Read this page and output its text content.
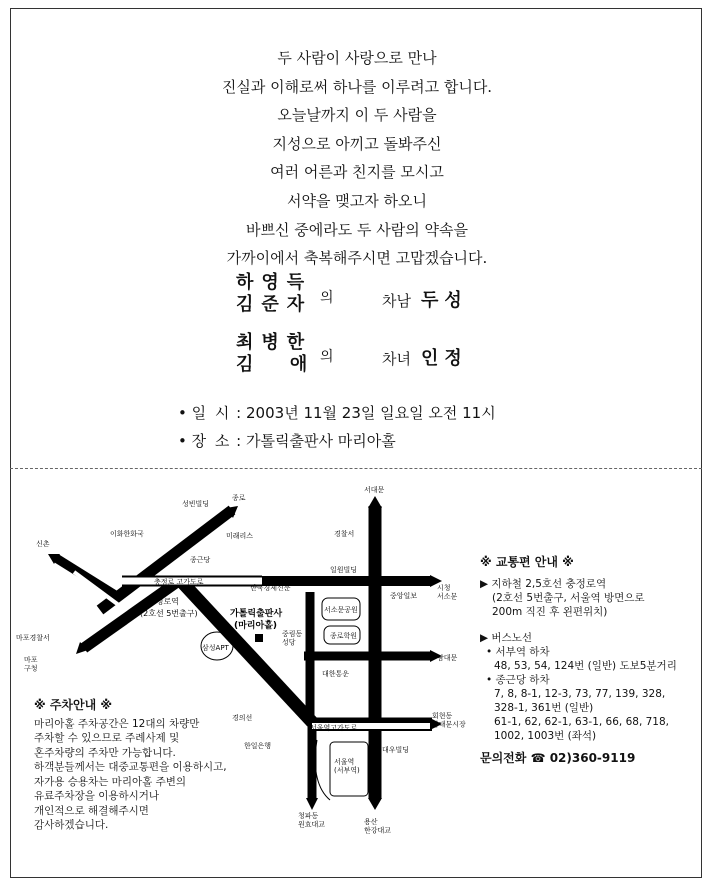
두 사람이 사랑으로 만나
진실과 이해로써 하나를 이루려고 합니다.
오늘날까지 이 두 사람을
지성으로 아끼고 돌봐주신
여러 어른과 친지를 모시고
서약을 맺고자 하오니
바쁘신 중에라도 두 사람의 약속을
가까이에서 축복해주시면 고맙겠습니다.
하영득
김준자 의	차남 두성
최병한
김  애 의	차녀 인정
• 일 시 : 2003년 11월 23일 일요일 오전 11시
• 장 소 : 가톨릭출판사 마리아홀
종로
서대문
신촌
마포경찰서
마포 구청
서울역 (서부역)
청파동 원효대교	용산 한강대교
시청 서소문
남대문
회현동 남대문시장
경찰서
일원빌딩
중앙일보
서소문공원
종로학원
대한통운
한일은행	대우빌딩
중림동 성당
한국경제신문
성빈빌딩
이화한화국
종근당
미래리스
충정로 고가도로
서울역고가도로
경의선
삼성APT
가톨릭출판사
(마리아홀)
충정로역
(2호선 5번출구)
※ 교통편 안내 ※
▶ 지하철 2,5호선 충정로역
(2호선 5번출구, 서울역 방면으로
200m 직진 후 왼편위치)
▶ 버스노선
• 서부역 하차
48, 53, 54, 124번 (일반) 도보5분거리
• 종근당 하차
7, 8, 8-1, 12-3, 73, 77, 139, 328,
328-1, 361번 (일반)
61-1, 62, 62-1, 63-1, 66, 68, 718,
1002, 1003번 (좌석)
문의전화 ☎ 02)360-9119
※ 주차안내 ※
마리아홀 주차공간은 12대의 차량만
주차할 수 있으므로 주례사제 및
혼주차량의 주차만 가능합니다.
하객분들께서는 대중교통편을 이용하시고,
자가용 승용차는 마리아홀 주변의
유료주차장을 이용하시거나
개인적으로 해결해주시면
감사하겠습니다.
